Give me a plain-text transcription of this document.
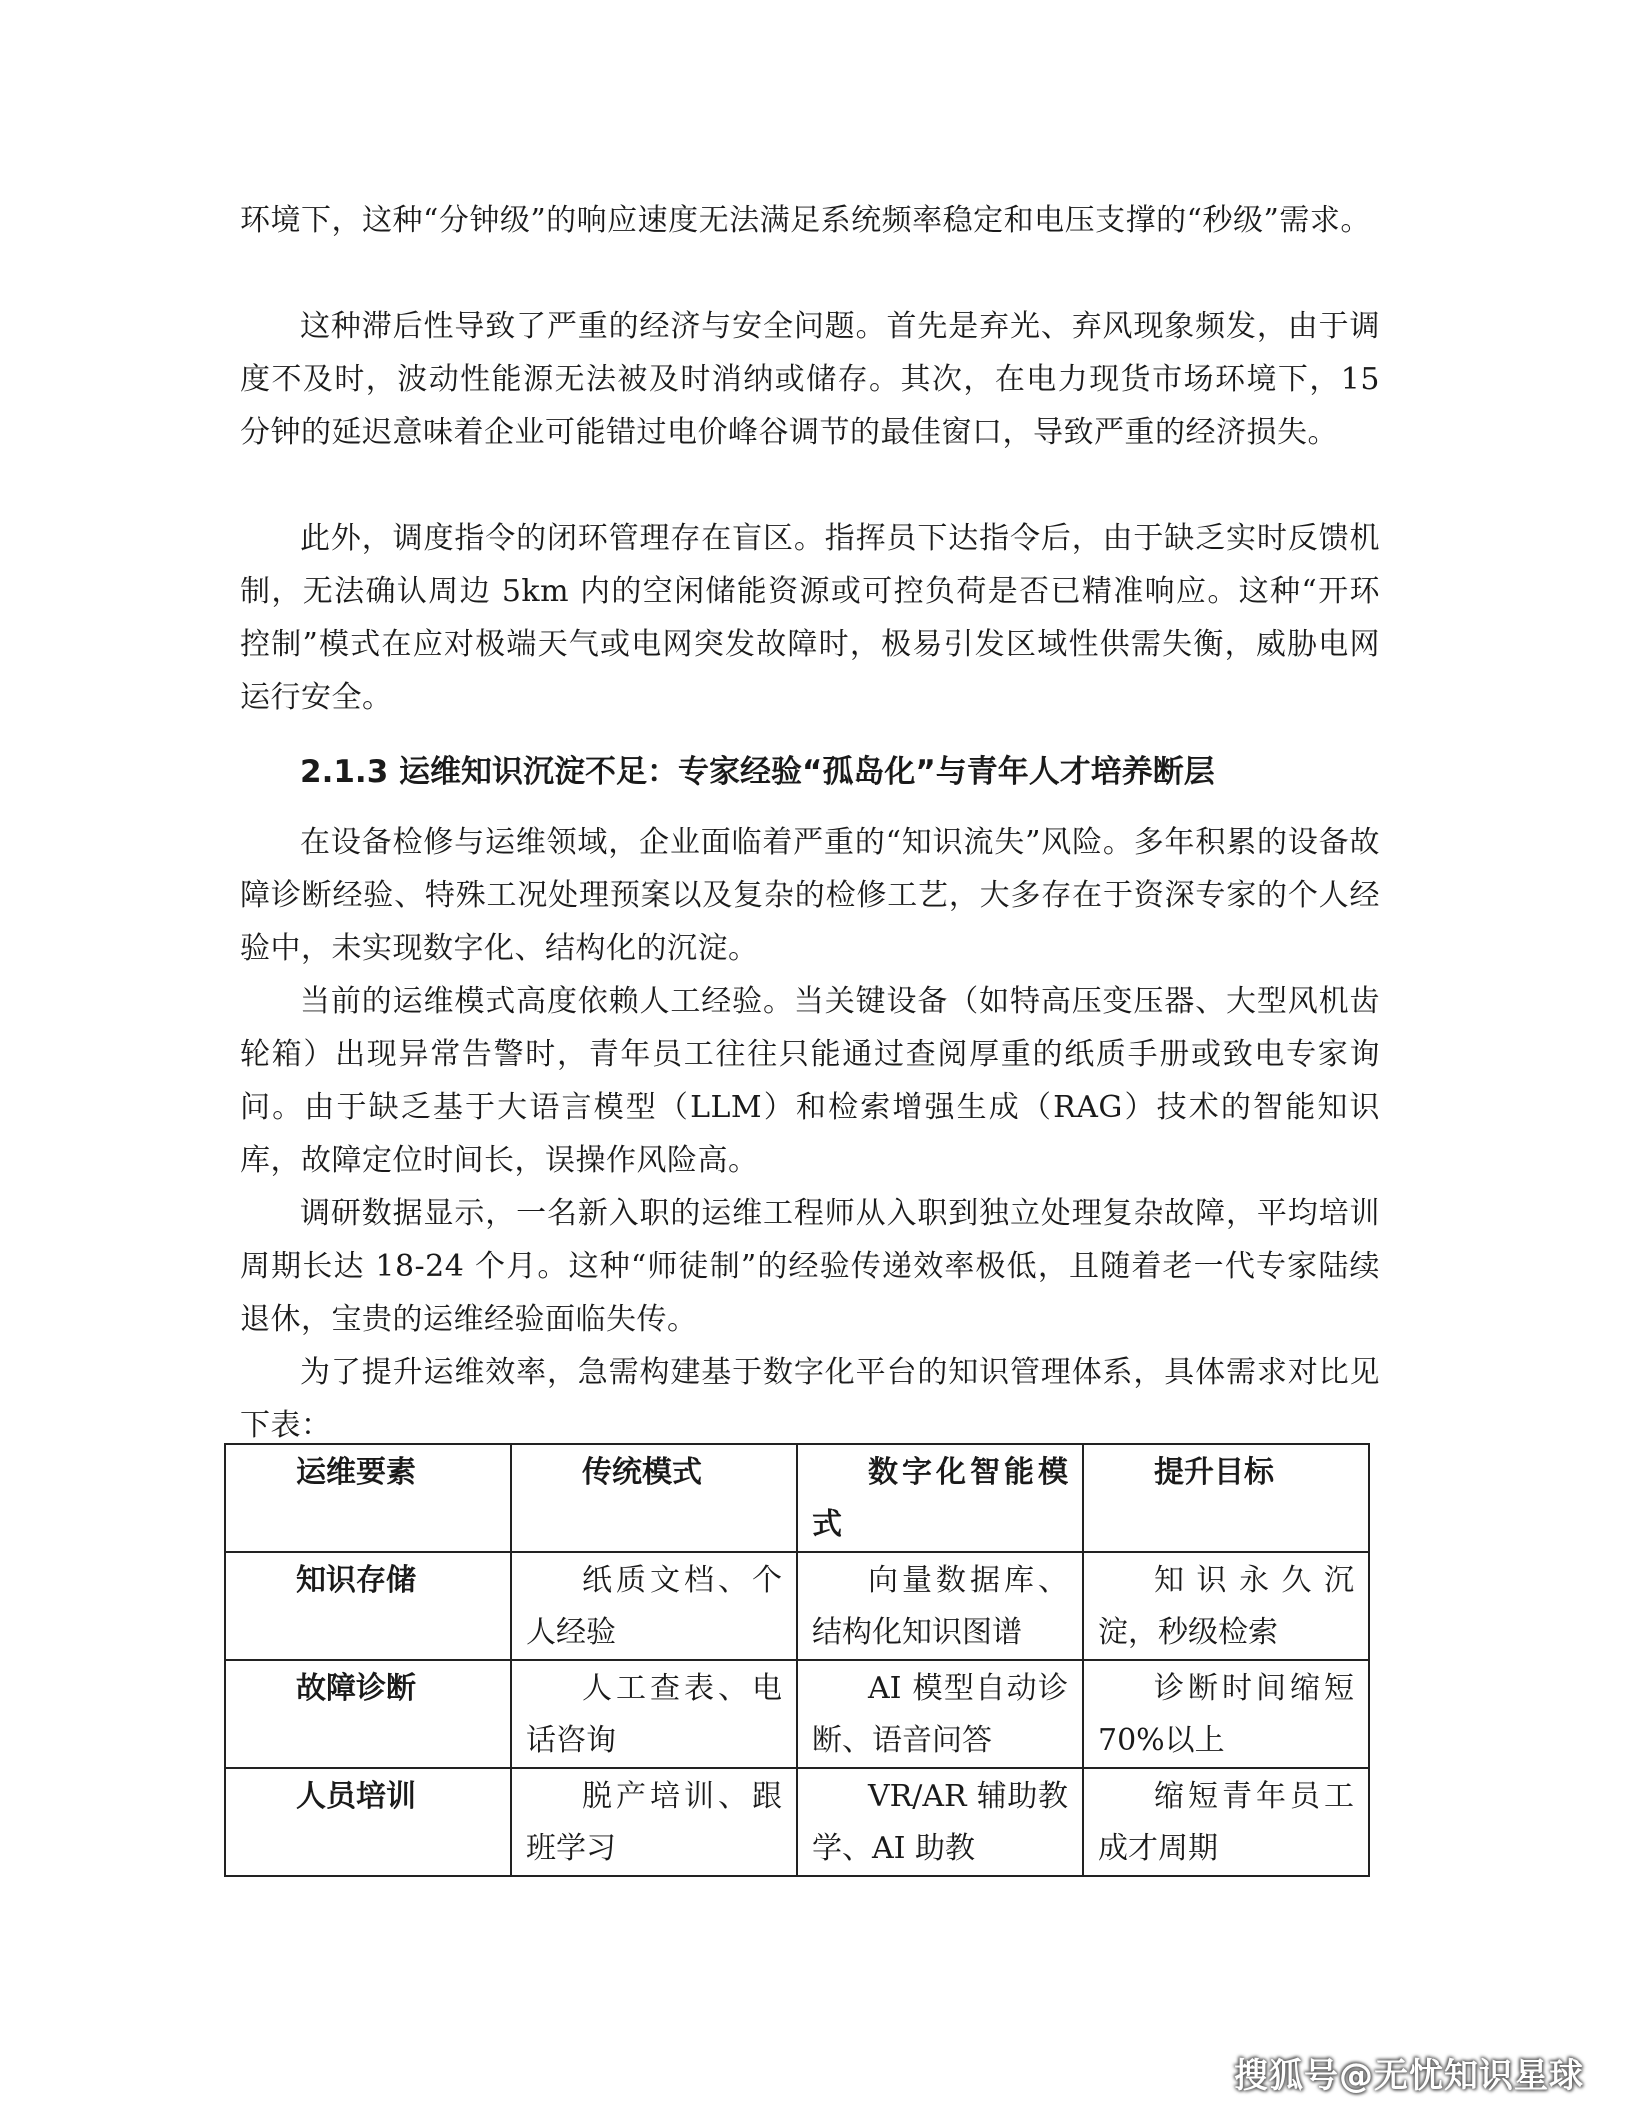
环境下，这种“分钟级”的响应速度无法满足系统频率稳定和电压支撑的“秒级”需求。

这种滞后性导致了严重的经济与安全问题。首先是弃光、弃风现象频发，由于调度不及时，波动性能源无法被及时消纳或储存。其次，在电力现货市场环境下，15 分钟的延迟意味着企业可能错过电价峰谷调节的最佳窗口，导致严重的经济损失。

此外，调度指令的闭环管理存在盲区。指挥员下达指令后，由于缺乏实时反馈机制，无法确认周边 5km 内的空闲储能资源或可控负荷是否已精准响应。这种“开环控制”模式在应对极端天气或电网突发故障时，极易引发区域性供需失衡，威胁电网运行安全。

2.1.3 运维知识沉淀不足：专家经验“孤岛化”与青年人才培养断层

在设备检修与运维领域，企业面临着严重的“知识流失”风险。多年积累的设备故障诊断经验、特殊工况处理预案以及复杂的检修工艺，大多存在于资深专家的个人经验中，未实现数字化、结构化的沉淀。

当前的运维模式高度依赖人工经验。当关键设备（如特高压变压器、大型风机齿轮箱）出现异常告警时，青年员工往往只能通过查阅厚重的纸质手册或致电专家询问。由于缺乏基于大语言模型（LLM）和检索增强生成（RAG）技术的智能知识库，故障定位时间长，误操作风险高。

调研数据显示，一名新入职的运维工程师从入职到独立处理复杂故障，平均培训周期长达 18-24 个月。这种“师徒制”的经验传递效率极低，且随着老一代专家陆续退休，宝贵的运维经验面临失传。

为了提升运维效率，急需构建基于数字化平台的知识管理体系，具体需求对比见下表：

运维要素	传统模式	数字化智能模式	提升目标
知识存储	纸质文档、个人经验	向量数据库、结构化知识图谱	知识永久沉淀，秒级检索
故障诊断	人工查表、电话咨询	AI 模型自动诊断、语音问答	诊断时间缩短 70%以上
人员培训	脱产培训、跟班学习	VR/AR 辅助教学、AI 助教	缩短青年员工成才周期
搜狐号@无忧知识星球
